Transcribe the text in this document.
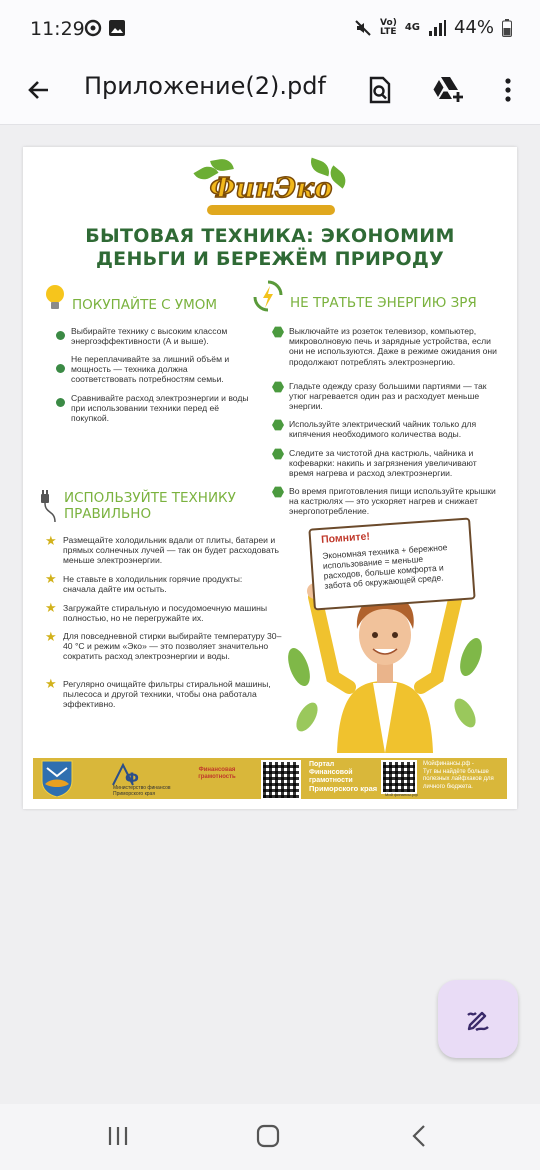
11:29	Vo)
LTE 4G 44%
Приложение(2).pdf
ФинЭко
БЫТОВАЯ ТЕХНИКА: ЭКОНОМИМ
ДЕНЬГИ И БЕРЕЖЁМ ПРИРОДУ
ПОКУПАЙТЕ С УМОМ
Выбирайте технику с высоким классом энергоэффективности (А и выше).
Не переплачивайте за лишний объём и мощность — техника должна соответствовать потребностям семьи.
Сравнивайте расход электроэнергии и воды при использовании техники перед её покупкой.
НЕ ТРАТЬТЕ ЭНЕРГИЮ ЗРЯ
Выключайте из розеток телевизор, компьютер, микроволновую печь и зарядные устройства, если они не используются. Даже в режиме ожидания они продолжают потреблять электроэнергию.
Гладьте одежду сразу большими партиями — так утюг нагревается один раз и расходует меньше энергии.
Используйте электрический чайник только для кипячения необходимого количества воды.
Следите за чистотой дна кастрюль, чайника и кофеварки: накипь и загрязнения увеличивают время нагрева и расход электроэнергии.
Во время приготовления пищи используйте крышки на кастрюлях — это ускоряет нагрев и снижает энергопотребление.
ИСПОЛЬЗУЙТЕ ТЕХНИКУ
ПРАВИЛЬНО
★ Размещайте холодильник вдали от плиты, батареи и прямых солнечных лучей — так он будет расходовать меньше электроэнергии.
★ Не ставьте в холодильник горячие продукты: сначала дайте им остыть.
★ Загружайте стиральную и посудомоечную машины полностью, но не перегружайте их.
★ Для повседневной стирки выбирайте температуру 30–40 °C и режим «Эко» — это позволяет значительно сократить расход электроэнергии и воды.
★ Регулярно очищайте фильтры стиральной машины, пылесоса и другой техники, чтобы она работала эффективно.
Помните!
Экономная техника + бережное использование = меньше расходов, больше комфорта и забота об окружающей среде.
Ф
Министерство финансов Приморского края
Финансовая грамотность
Портал
Финансовой
грамотности
Приморского края
Мой финансы.рф
Мойфинансы.рф -
Тут вы найдёте больше
полезных лайфхаков для
личного бюджета.
